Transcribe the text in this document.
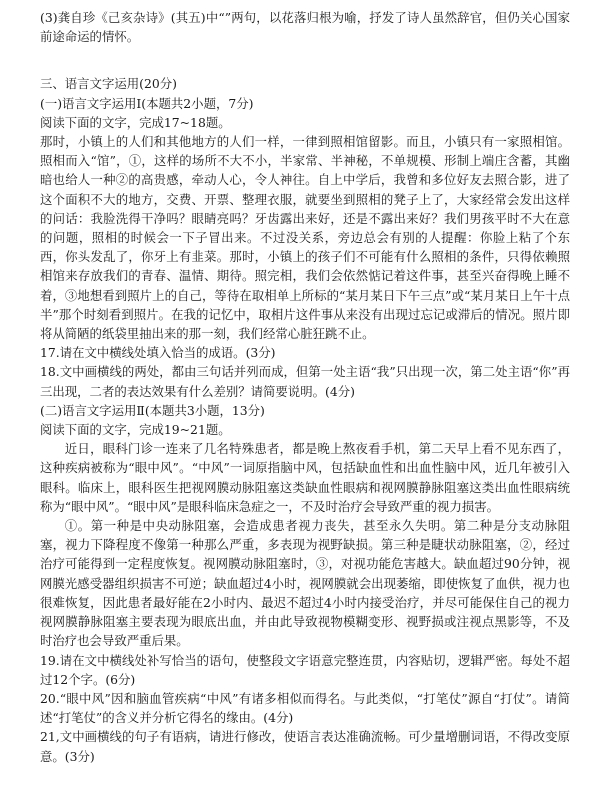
(3)龚自珍《己亥杂诗》(其五)中“”两句，以花落归根为喻，抒发了诗人虽然辞官，但仍关心国家前途命运的情怀。

三、语言文字运用(20分)

(一)语言文字运用Ⅰ(本题共2小题，7分)

阅读下面的文字，完成17~18题。

那时，小镇上的人们和其他地方的人们一样，一律到照相馆留影。而且，小镇只有一家照相馆。照相而入“馆”，①，这样的场所不大不小，半家常、半神秘，不单规模、形制上端庄含蓄，其幽暗也给人一种②的高贵感，牵动人心，令人神往。自上中学后，我曾和多位好友去照合影，进了这个面积不大的地方，交费、开票、整理衣服，就要坐到照相的凳子上了，大家经常会发出这样的问话：我脸洗得干净吗？眼睛亮吗？牙齿露出来好，还是不露出来好？我们男孩平时不大在意的问题，照相的时候会一下子冒出来。不过没关系，旁边总会有别的人提醒：你脸上粘了个东西，你头发乱了，你牙上有韭菜。那时，小镇上的孩子们不可能有什么照相的条件，只得依赖照相馆来存放我们的青春、温情、期待。照完相，我们会依然惦记着这件事，甚至兴奋得晚上睡不着，③地想看到照片上的自己，等待在取相单上所标的“某月某日下午三点”或“某月某日上午十点半”那个时刻看到照片。在我的记忆中，取相片这件事从来没有出现过忘记或滞后的情况。照片即将从简陋的纸袋里抽出来的那一刻，我们经常心脏狂跳不止。

17.请在文中横线处填入恰当的成语。(3分)

18.文中画横线的两处，都由三句话并列而成，但第一处主语“我”只出现一次，第二处主语“你”再三出现，二者的表达效果有什么差别？请简要说明。(4分)

(二)语言文字运用Ⅱ(本题共3小题，13分)

阅读下面的文字，完成19~21题。

近日，眼科门诊一连来了几名特殊患者，都是晚上熬夜看手机，第二天早上看不见东西了，这种疾病被称为“眼中风”。“中风”一词原指脑中风，包括缺血性和出血性脑中风，近几年被引入眼科。临床上，眼科医生把视网膜动脉阻塞这类缺血性眼病和视网膜静脉阻塞这类出血性眼病统称为“眼中风”。“眼中风”是眼科临床急症之一，不及时治疗会导致严重的视力损害。

①。第一种是中央动脉阻塞，会造成患者视力丧失，甚至永久失明。第二种是分支动脉阻塞，视力下降程度不像第一种那么严重，多表现为视野缺损。第三种是睫状动脉阻塞，②，经过治疗可能得到一定程度恢复。视网膜动脉阻塞时，③，对视功能危害越大。缺血超过90分钟，视网膜光感受器组织损害不可逆；缺血超过4小时，视网膜就会出现萎缩，即使恢复了血供，视力也很难恢复，因此患者最好能在2小时内、最迟不超过4小时内接受治疗，并尽可能保住自己的视力　视网膜静脉阻塞主要表现为眼底出血，并由此导致视物模糊变形、视野损或注视点黑影等，不及时治疗也会导致严重后果。

19.请在文中横线处补写恰当的语句，使整段文字语意完整连贯，内容贴切，逻辑严密。每处不超过12个字。(6分)

20.“眼中风”因和脑血管疾病“中风”有诸多相似而得名。与此类似，“打笔仗”源自“打仗”。请简述“打笔仗”的含义并分析它得名的缘由。(4分)

21,文中画横线的句子有语病，请进行修改，使语言表达准确流畅。可少量增删词语，不得改变原意。(3分)
